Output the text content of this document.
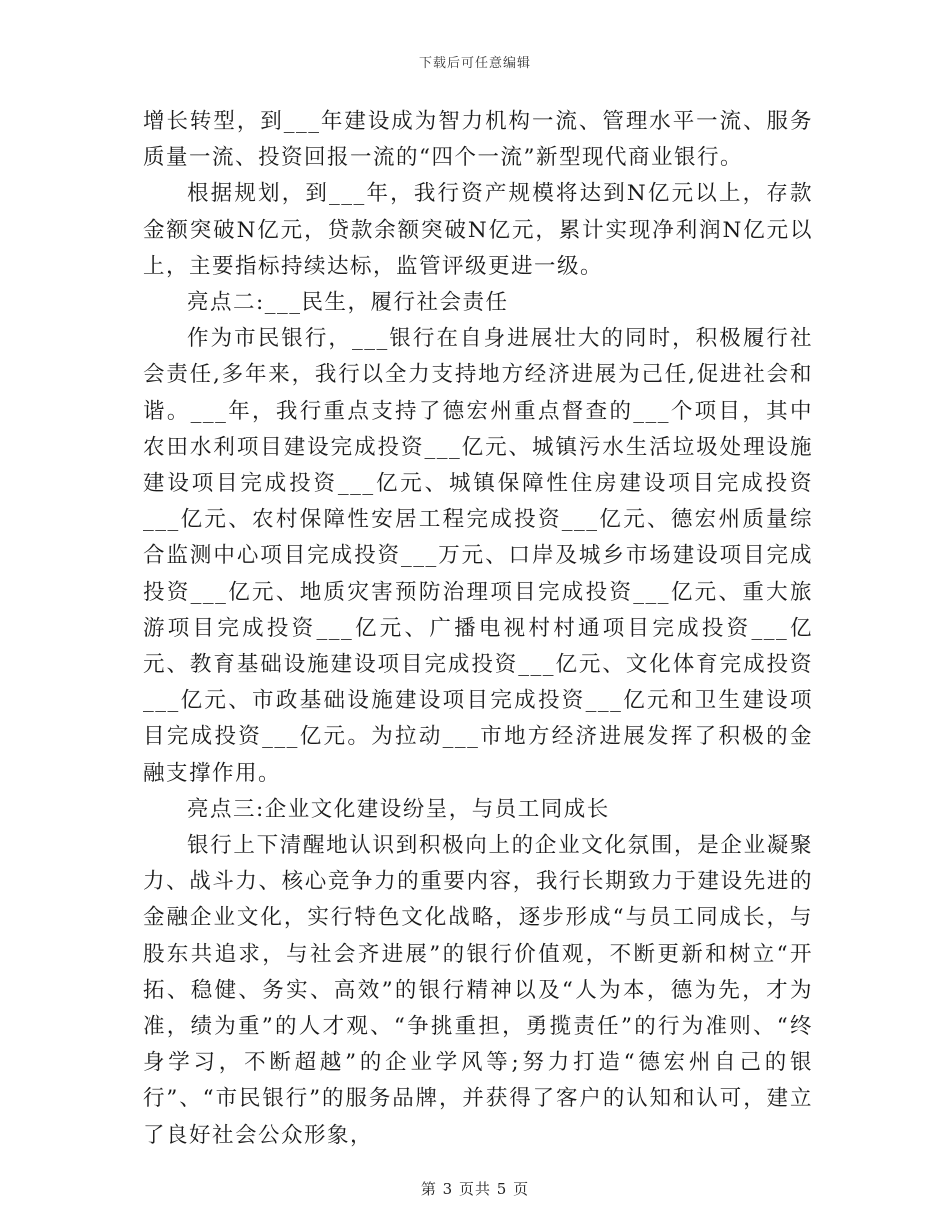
下载后可任意编辑

增长转型，到___年建设成为智力机构一流、管理水平一流、服务质量一流、投资回报一流的“四个一流”新型现代商业银行。

根据规划，到___年，我行资产规模将达到N亿元以上，存款金额突破N亿元，贷款余额突破N亿元，累计实现净利润N亿元以上，主要指标持续达标，监管评级更进一级。

亮点二:___民生，履行社会责任

作为市民银行，___银行在自身进展壮大的同时，积极履行社会责任,多年来，我行以全力支持地方经济进展为己任,促进社会和谐。___年，我行重点支持了德宏州重点督查的___个项目，其中农田水利项目建设完成投资___亿元、城镇污水生活垃圾处理设施建设项目完成投资___亿元、城镇保障性住房建设项目完成投资___亿元、农村保障性安居工程完成投资___亿元、德宏州质量综合监测中心项目完成投资___万元、口岸及城乡市场建设项目完成投资___亿元、地质灾害预防治理项目完成投资___亿元、重大旅游项目完成投资___亿元、广播电视村村通项目完成投资___亿元、教育基础设施建设项目完成投资___亿元、文化体育完成投资___亿元、市政基础设施建设项目完成投资___亿元和卫生建设项目完成投资___亿元。为拉动___市地方经济进展发挥了积极的金融支撑作用。

亮点三:企业文化建设纷呈，与员工同成长

银行上下清醒地认识到积极向上的企业文化氛围，是企业凝聚力、战斗力、核心竞争力的重要内容，我行长期致力于建设先进的金融企业文化，实行特色文化战略，逐步形成“与员工同成长，与股东共追求，与社会齐进展”的银行价值观，不断更新和树立“开拓、稳健、务实、高效”的银行精神以及“人为本，德为先，才为准，绩为重”的人才观、“争挑重担，勇揽责任”的行为准则、“终身学习，不断超越”的企业学风等;努力打造“德宏州自己的银行”、“市民银行”的服务品牌，并获得了客户的认知和认可，建立了良好社会公众形象，

第 3 页共 5 页
